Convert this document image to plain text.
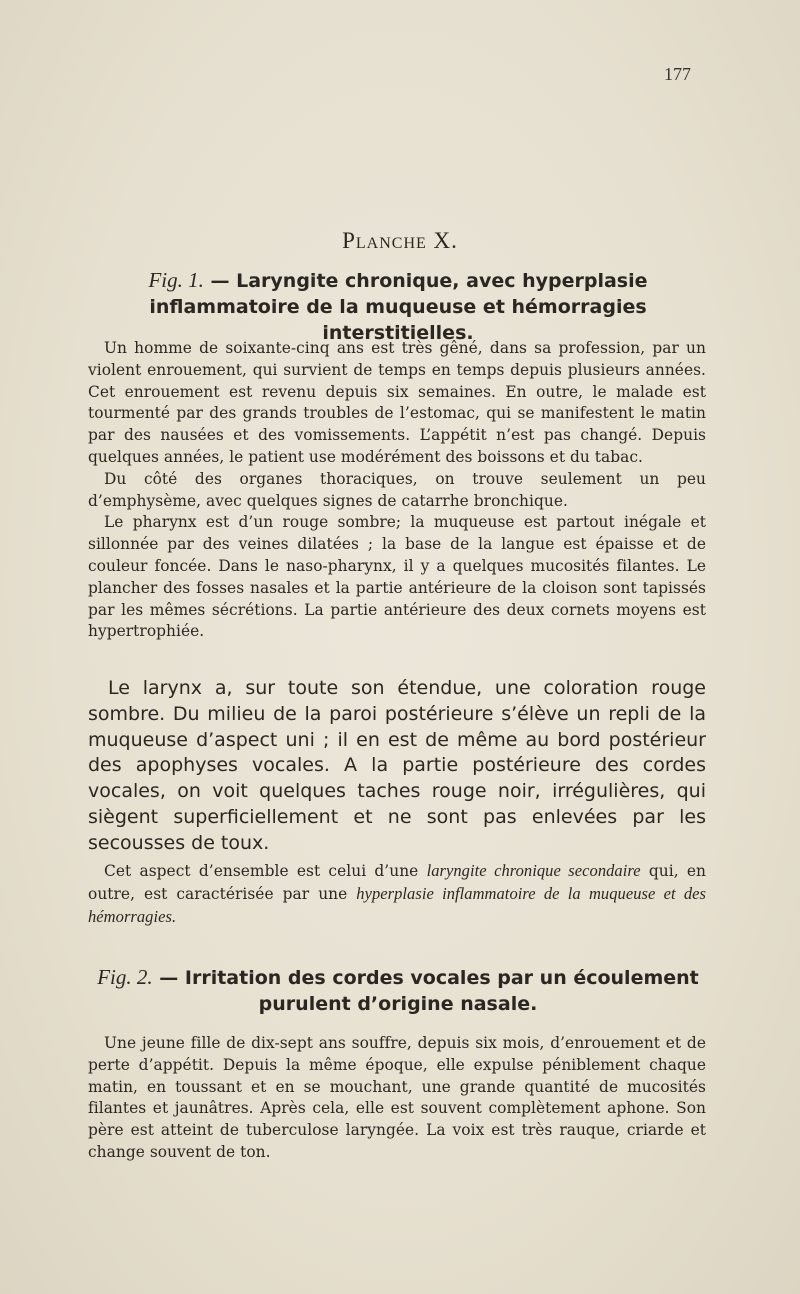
177
PLANCHE X.
Fig. 1. — Laryngite chronique, avec hyperplasie inflammatoire de la muqueuse et hémorragies interstitielles.

Un homme de soixante-cinq ans est très gêné, dans sa profession, par un violent enrouement, qui survient de temps en temps depuis plusieurs années. Cet enrouement est revenu depuis six semaines. En outre, le malade est tourmenté par des grands troubles de l’estomac, qui se manifestent le matin par des nausées et des vomissements. L’appétit n’est pas changé. Depuis quelques années, le patient use modérément des boissons et du tabac.

Du côté des organes thoraciques, on trouve seulement un peu d’emphysème, avec quelques signes de catarrhe bronchique.

Le pharynx est d’un rouge sombre; la muqueuse est partout inégale et sillonnée par des veines dilatées ; la base de la langue est épaisse et de couleur foncée. Dans le naso-pharynx, il y a quelques mucosités filantes. Le plancher des fosses nasales et la partie antérieure de la cloison sont tapissés par les mêmes sécrétions. La partie antérieure des deux cornets moyens est hypertrophiée.

Le larynx a, sur toute son étendue, une coloration rouge sombre. Du milieu de la paroi postérieure s’élève un repli de la muqueuse d’aspect uni ; il en est de même au bord postérieur des apophyses vocales. A la partie postérieure des cordes vocales, on voit quelques taches rouge noir, irrégulières, qui siègent superficiellement et ne sont pas enlevées par les secousses de toux.

Cet aspect d’ensemble est celui d’une laryngite chronique secondaire qui, en outre, est caractérisée par une hyperplasie inflammatoire de la muqueuse et des hémorragies.

Fig. 2. — Irritation des cordes vocales par un écoulement purulent d’origine nasale.

Une jeune fille de dix-sept ans souffre, depuis six mois, d’enrouement et de perte d’appétit. Depuis la même époque, elle expulse péniblement chaque matin, en toussant et en se mouchant, une grande quantité de mucosités filantes et jaunâtres. Après cela, elle est souvent complètement aphone. Son père est atteint de tuberculose laryngée. La voix est très rauque, criarde et change souvent de ton.
